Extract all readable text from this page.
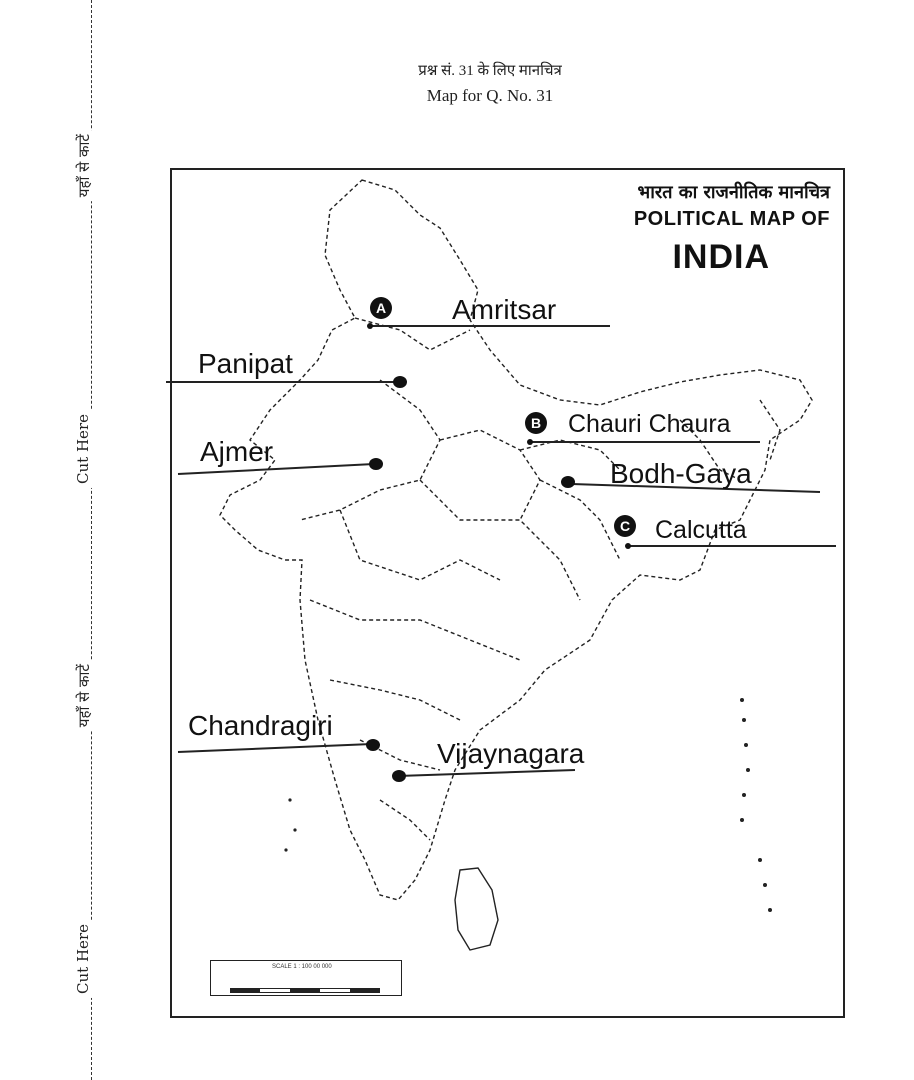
यहाँ से काटें
Cut Here
यहाँ से काटें
Cut Here
प्रश्न सं. 31 के लिए मानचित्र
Map for Q. No. 31
भारत का राजनीतिक मानचित्र
POLITICAL MAP OF
INDIA
A
B
C
Amritsar
Panipat
Chauri Chaura
Ajmer
Bodh-Gaya
Calcutta
Chandragiri
Vijaynagara
SCALE 1 : 100 00 000
